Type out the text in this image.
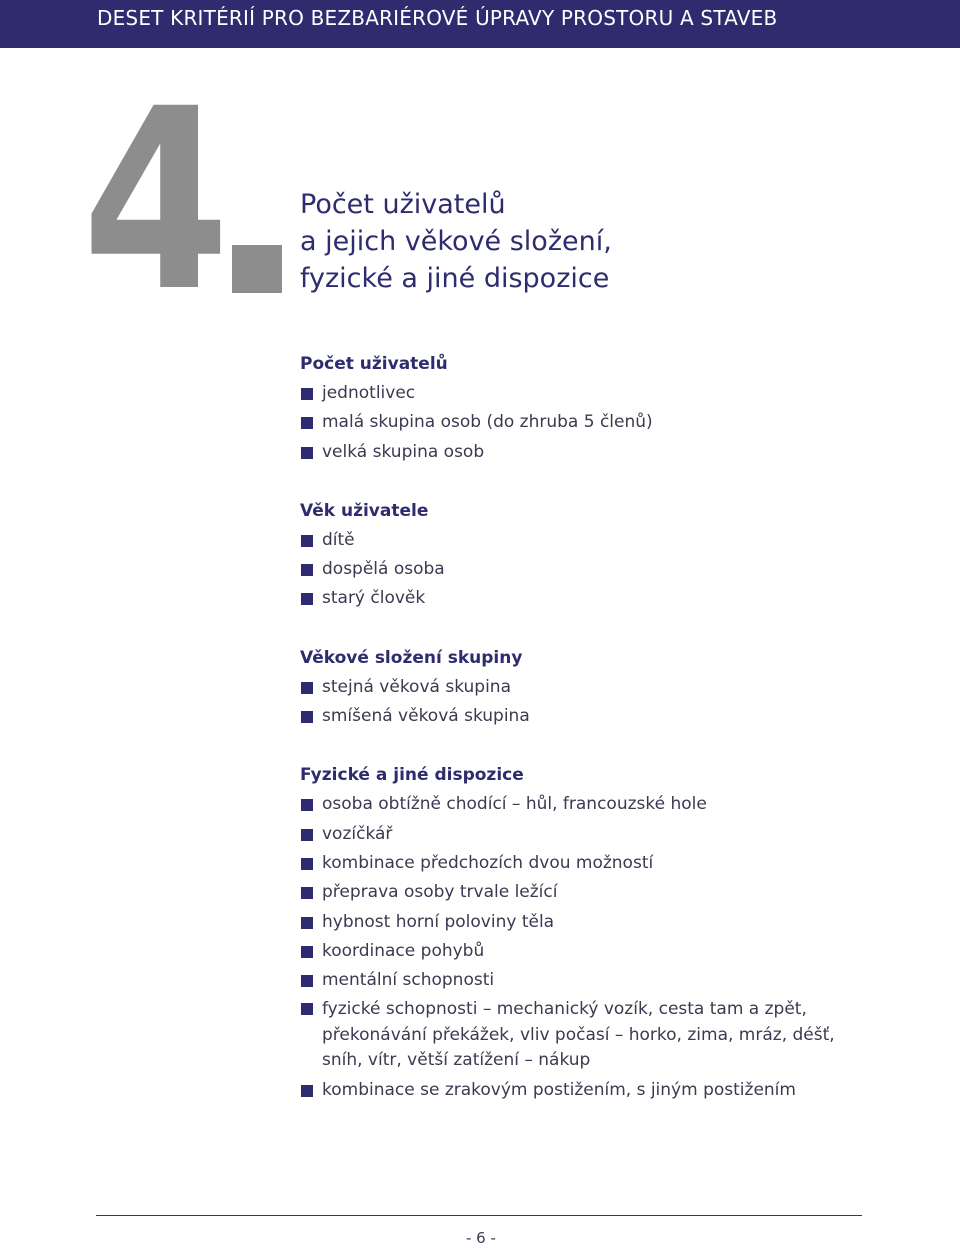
DESET KRITÉRIÍ PRO BEZBARIÉROVÉ ÚPRAVY PROSTORU A STAVEB
4	Počet uživatelů
a jejich věkové složení,
fyzické a jiné dispozice
Počet uživatelů
jednotlivec
malá skupina osob (do zhruba 5 členů)
velká skupina osob
Věk uživatele
dítě
dospělá osoba
starý člověk
Věkové složení skupiny
stejná věková skupina
smíšená věková skupina
Fyzické a jiné dispozice
osoba obtížně chodící – hůl, francouzské hole
vozíčkář
kombinace předchozích dvou možností
přeprava osoby trvale ležící
hybnost horní poloviny těla
koordinace pohybů
mentální schopnosti
fyzické schopnosti – mechanický vozík, cesta tam a zpět, překonávání překážek, vliv počasí – horko, zima, mráz, déšť, sníh, vítr, větší zatížení – nákup
kombinace se zrakovým postižením, s jiným postižením
- 6 -
